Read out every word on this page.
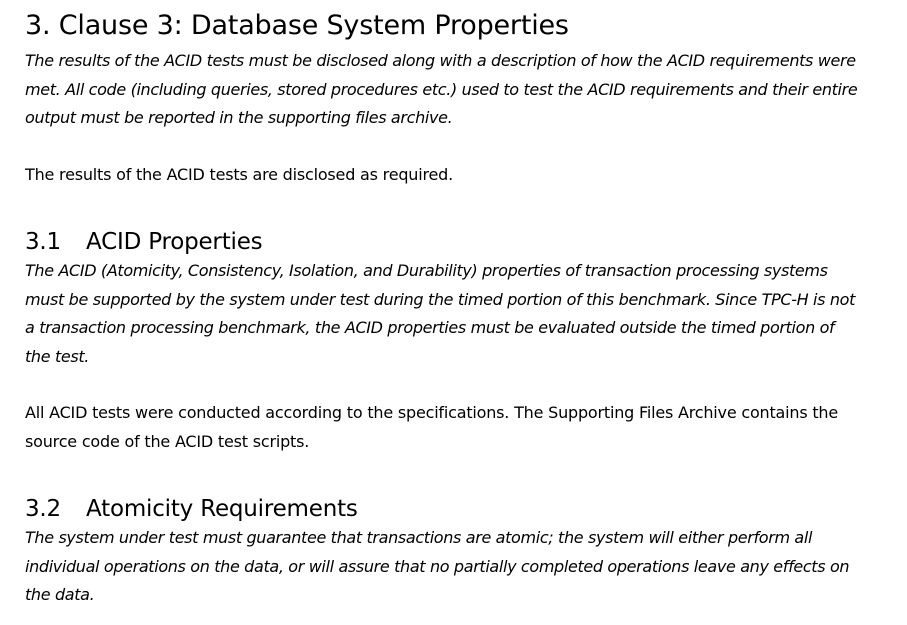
3. Clause 3: Database System Properties

The results of the ACID tests must be disclosed along with a description of how the ACID requirements were
met. All code (including queries, stored procedures etc.) used to test the ACID requirements and their entire
output must be reported in the supporting files archive.

The results of the ACID tests are disclosed as required.

3.1 ACID Properties

The ACID (Atomicity, Consistency, Isolation, and Durability) properties of transaction processing systems
must be supported by the system under test during the timed portion of this benchmark. Since TPC-H is not
a transaction processing benchmark, the ACID properties must be evaluated outside the timed portion of
the test.

All ACID tests were conducted according to the specifications. The Supporting Files Archive contains the
source code of the ACID test scripts.

3.2 Atomicity Requirements

The system under test must guarantee that transactions are atomic; the system will either perform all
individual operations on the data, or will assure that no partially completed operations leave any effects on
the data.
